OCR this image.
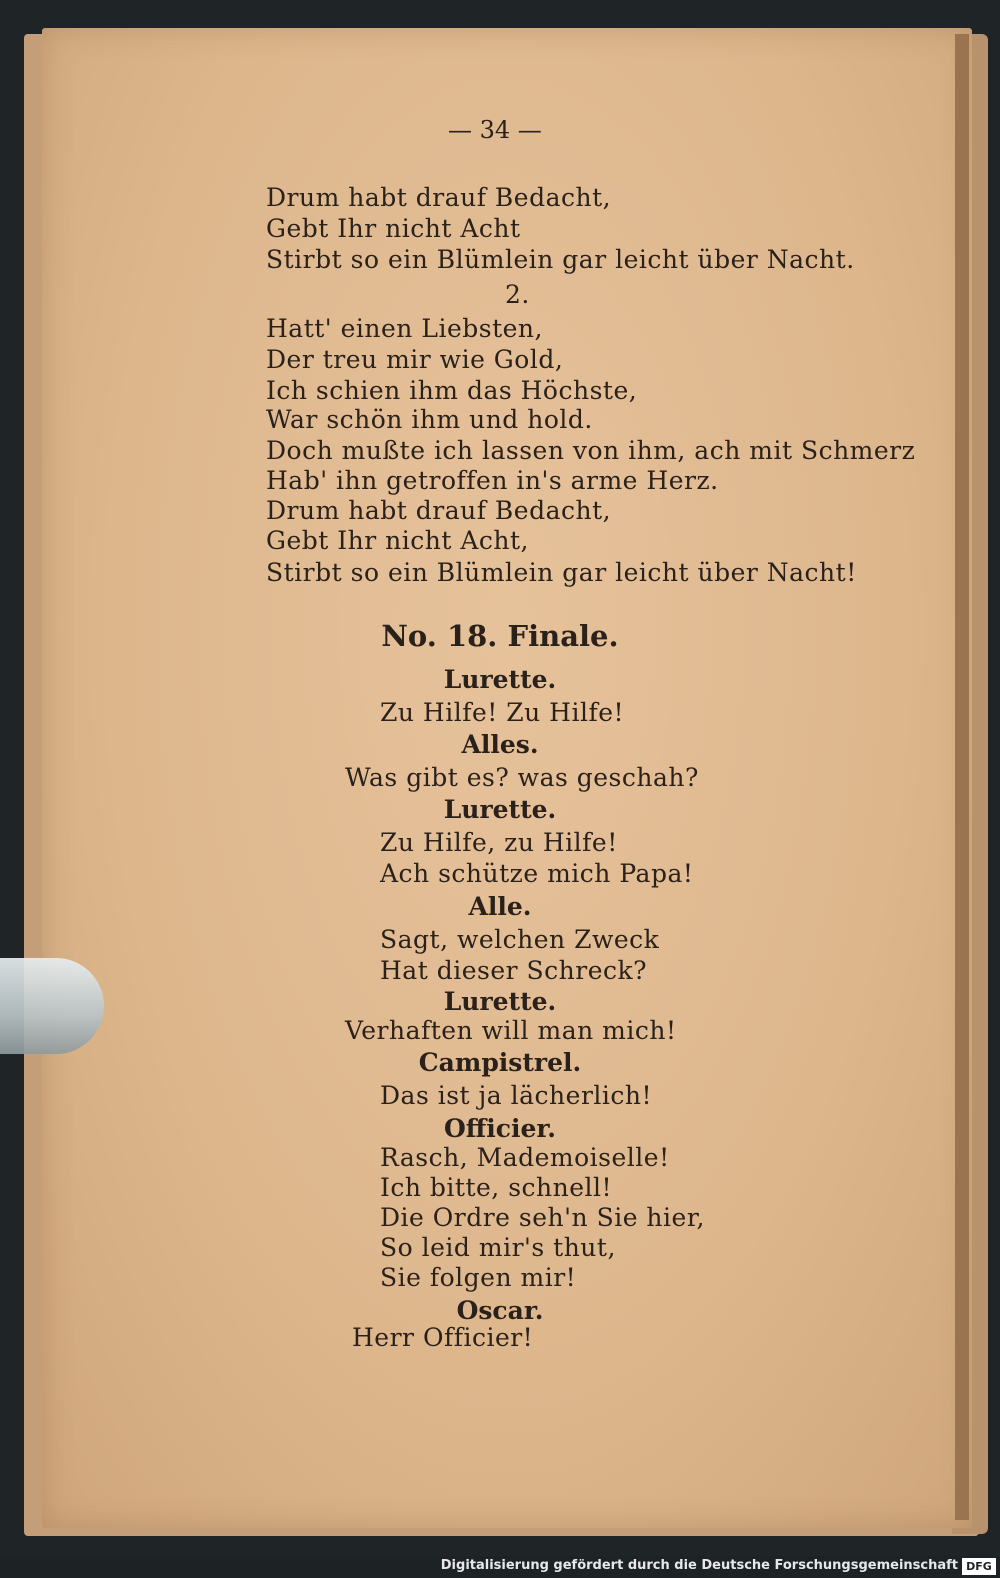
— 34 —
Drum habt drauf Bedacht,
Gebt Ihr nicht Acht
Stirbt so ein Blümlein gar leicht über Nacht.
2.
Hatt' einen Liebsten,
Der treu mir wie Gold,
Ich schien ihm das Höchste,
War schön ihm und hold.
Doch mußte ich lassen von ihm, ach mit Schmerz
Hab' ihn getroffen in's arme Herz.
Drum habt drauf Bedacht,
Gebt Ihr nicht Acht,
Stirbt so ein Blümlein gar leicht über Nacht!
No. 18. Finale.
Lurette.
Zu Hilfe! Zu Hilfe!
Alles.
Was gibt es? was geschah?
Lurette.
Zu Hilfe, zu Hilfe!
Ach schütze mich Papa!
Alle.
Sagt, welchen Zweck
Hat dieser Schreck?
Lurette.
Verhaften will man mich!
Campistrel.
Das ist ja lächerlich!
Officier.
Rasch, Mademoiselle!
Ich bitte, schnell!
Die Ordre seh'n Sie hier,
So leid mir's thut,
Sie folgen mir!
Oscar.
Herr Officier!
Digitalisierung gefördert durch die Deutsche Forschungsgemeinschaft DFG
